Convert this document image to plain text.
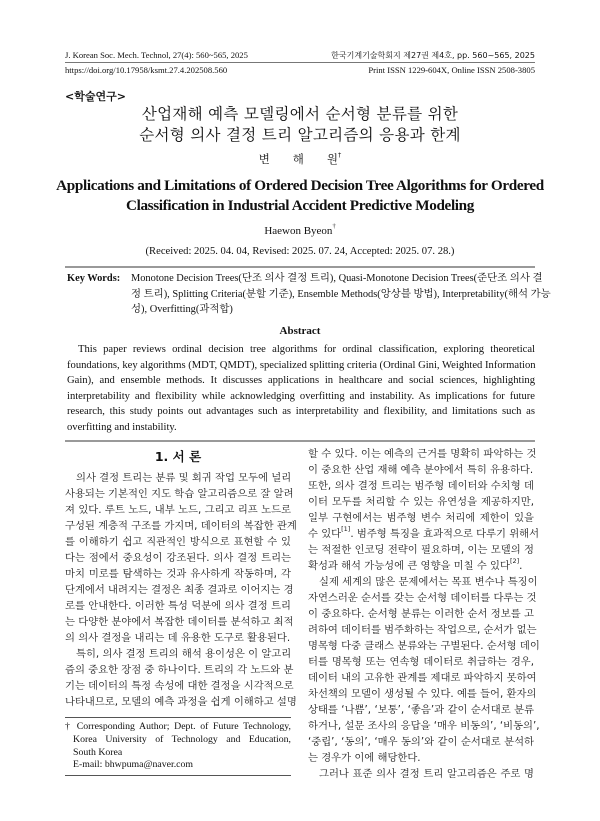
J. Korean Soc. Mech. Technol, 27(4): 560~565, 2025	한국기계기술학회지 제27권 제4호, pp. 560~565, 2025
https://doi.org/10.17958/ksmt.27.4.202508.560	Print ISSN 1229-604X, Online ISSN 2508-3805
<학술연구>
산업재해 예측 모델링에서 순서형 분류를 위한
순서형 의사 결정 트리 알고리즘의 응용과 한계
변　　해　　원†
Applications and Limitations of Ordered Decision Tree Algorithms for Ordered
Classification in Industrial Accident Predictive Modeling
Haewon Byeon†
(Received: 2025. 04. 04, Revised: 2025. 07. 24, Accepted: 2025. 07. 28.)
Key Words: Monotone Decision Trees(단조 의사 결정 트리), Quasi-Monotone Decision Trees(준단조 의사 결
정 트리), Splitting Criteria(분할 기준), Ensemble Methods(앙상블 방법), Interpretability(해석 가능
성), Overfitting(과적합)
Abstract
This paper reviews ordinal decision tree algorithms for ordinal classification, exploring theoretical
foundations, key algorithms (MDT, QMDT), specialized splitting criteria (Ordinal Gini, Weighted Information
Gain), and ensemble methods. It discusses applications in healthcare and social sciences, highlighting
interpretability and flexibility while acknowledging overfitting and instability. As implications for future
research, this study points out advantages such as interpretability and flexibility, and limitations such as
overfitting and instability.
1. 서 론
의사 결정 트리는 분류 및 회귀 작업 모두에 널리
사용되는 기본적인 지도 학습 알고리즘으로 잘 알려
져 있다. 루트 노드, 내부 노드, 그리고 리프 노드로
구성된 계층적 구조를 가지며, 데이터의 복잡한 관계
를 이해하기 쉽고 직관적인 방식으로 표현할 수 있
다는 점에서 중요성이 강조된다. 의사 결정 트리는
마치 미로를 탐색하는 것과 유사하게 작동하며, 각
단계에서 내려지는 결정은 최종 결과로 이어지는 경
로를 안내한다. 이러한 특성 덕분에 의사 결정 트리
는 다양한 분야에서 복잡한 데이터를 분석하고 최적
의 의사 결정을 내리는 데 유용한 도구로 활용된다.
특히, 의사 결정 트리의 해석 용이성은 이 알고리
즘의 중요한 장점 중 하나이다. 트리의 각 노드와 분
기는 데이터의 특정 속성에 대한 결정을 시각적으로
나타내므로, 모델의 예측 과정을 쉽게 이해하고 설명
할 수 있다. 이는 예측의 근거를 명확히 파악하는 것
이 중요한 산업 재해 예측 분야에서 특히 유용하다.
또한, 의사 결정 트리는 범주형 데이터와 수치형 데
이터 모두를 처리할 수 있는 유연성을 제공하지만,
일부 구현에서는 범주형 변수 처리에 제한이 있을
수 있다[1]. 범주형 특징을 효과적으로 다루기 위해서
는 적절한 인코딩 전략이 필요하며, 이는 모델의 정
확성과 해석 가능성에 큰 영향을 미칠 수 있다[2].
실제 세계의 많은 문제에서는 목표 변수나 특징이
자연스러운 순서를 갖는 순서형 데이터를 다루는 것
이 중요하다. 순서형 분류는 이러한 순서 정보를 고
려하여 데이터를 범주화하는 작업으로, 순서가 없는
명목형 다중 클래스 분류와는 구별된다. 순서형 데이
터를 명목형 또는 연속형 데이터로 취급하는 경우,
데이터 내의 고유한 관계를 제대로 파악하지 못하여
차선책의 모델이 생성될 수 있다. 예를 들어, 환자의
상태를 ‘나쁨’, ‘보통’, ‘좋음’과 같이 순서대로 분류
하거나, 설문 조사의 응답을 ‘매우 비동의’, ‘비동의’,
‘중립’, ‘동의’, ‘매우 동의’와 같이 순서대로 분석하
는 경우가 이에 해당한다.
그러나 표준 의사 결정 트리 알고리즘은 주로 명
† Corresponding Author; Dept. of Future Technology,
Korea University of Technology and Education,
South Korea
E-mail: bhwpuma@naver.com
